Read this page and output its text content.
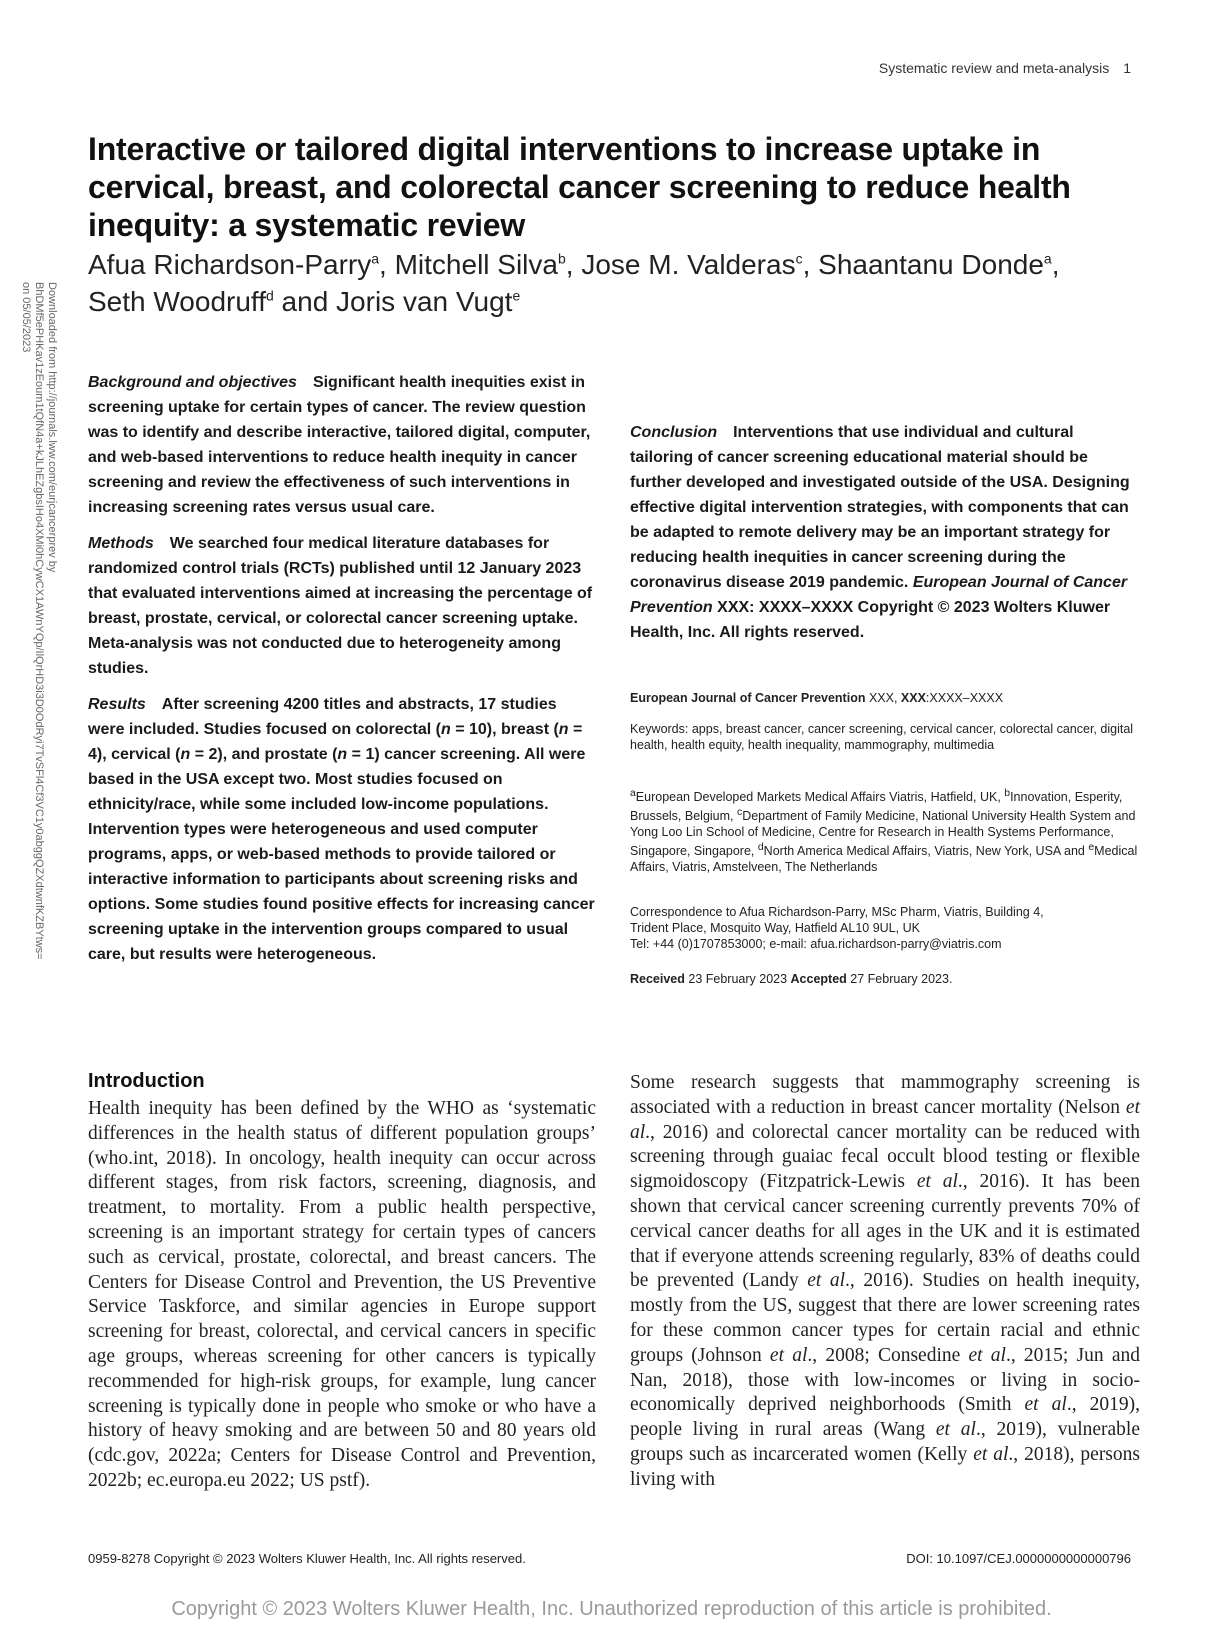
Systematic review and meta-analysis 1
Downloaded from http://journals.lww.com/eurjcancerprev by BhDMf5ePHKav1zEoum1tQfN4a+kJLhEZgbsIHo4XMi0hCywCX1AWnYQp/IlQrHD3i3D0OdRyi7TvSFl4Cf3VC1y0abggQZXdtwnfKZBYtws= on 05/05/2023
Interactive or tailored digital interventions to increase uptake in cervical, breast, and colorectal cancer screening to reduce health inequity: a systematic review
Afua Richardson-Parry$^a$, Mitchell Silva$^b$, Jose M. Valderas$^c$, Shaantanu Donde$^a$,
Seth Woodruff$^d$ and Joris van Vugt$^e$

Background and objectives Significant health inequities exist in screening uptake for certain types of cancer. The review question was to identify and describe interactive, tailored digital, computer, and web-based interventions to reduce health inequity in cancer screening and review the effectiveness of such interventions in increasing screening rates versus usual care.

Methods We searched four medical literature databases for randomized control trials (RCTs) published until 12 January 2023 that evaluated interventions aimed at increasing the percentage of breast, prostate, cervical, or colorectal cancer screening uptake. Meta-analysis was not conducted due to heterogeneity among studies.

Results After screening 4200 titles and abstracts, 17 studies were included. Studies focused on colorectal (n = 10), breast (n = 4), cervical (n = 2), and prostate (n = 1) cancer screening. All were based in the USA except two. Most studies focused on ethnicity/race, while some included low-income populations. Intervention types were heterogeneous and used computer programs, apps, or web-based methods to provide tailored or interactive information to participants about screening risks and options. Some studies found positive effects for increasing cancer screening uptake in the intervention groups compared to usual care, but results were heterogeneous.

Conclusion Interventions that use individual and cultural tailoring of cancer screening educational material should be further developed and investigated outside of the USA. Designing effective digital intervention strategies, with components that can be adapted to remote delivery may be an important strategy for reducing health inequities in cancer screening during the coronavirus disease 2019 pandemic. European Journal of Cancer Prevention XXX: XXXX–XXXX Copyright © 2023 Wolters Kluwer Health, Inc. All rights reserved.

European Journal of Cancer Prevention XXX, XXX:XXXX–XXXX
Keywords: apps, breast cancer, cancer screening, cervical cancer, colorectal cancer, digital health, health equity, health inequality, mammography, multimedia
$^a$European Developed Markets Medical Affairs Viatris, Hatfield, UK, $^b$Innovation, Esperity, Brussels, Belgium, $^c$Department of Family Medicine, National University Health System and Yong Loo Lin School of Medicine, Centre for Research in Health Systems Performance, Singapore, Singapore, $^d$North America Medical Affairs, Viatris, New York, USA and $^e$Medical Affairs, Viatris, Amstelveen, The Netherlands
Correspondence to Afua Richardson-Parry, MSc Pharm, Viatris, Building 4,
Trident Place, Mosquito Way, Hatfield AL10 9UL, UK
Tel: +44 (0)1707853000; e-mail: afua.richardson-parry@viatris.com
Received 23 February 2023 Accepted 27 February 2023.
Introduction

Health inequity has been defined by the WHO as ‘systematic differences in the health status of different population groups’ (who.int, 2018). In oncology, health inequity can occur across different stages, from risk factors, screening, diagnosis, and treatment, to mortality. From a public health perspective, screening is an important strategy for certain types of cancers such as cervical, prostate, colorectal, and breast cancers. The Centers for Disease Control and Prevention, the US Preventive Service Taskforce, and similar agencies in Europe support screening for breast, colorectal, and cervical cancers in specific age groups, whereas screening for other cancers is typically recommended for high-risk groups, for example, lung cancer screening is typically done in people who smoke or who have a history of heavy smoking and are between 50 and 80 years old (cdc.gov, 2022a; Centers for Disease Control and Prevention, 2022b; ec.europa.eu 2022; US pstf).

Some research suggests that mammography screening is associated with a reduction in breast cancer mortality (Nelson et al., 2016) and colorectal cancer mortality can be reduced with screening through guaiac fecal occult blood testing or flexible sigmoidoscopy (Fitzpatrick-Lewis et al., 2016). It has been shown that cervical cancer screening currently prevents 70% of cervical cancer deaths for all ages in the UK and it is estimated that if everyone attends screening regularly, 83% of deaths could be prevented (Landy et al., 2016). Studies on health inequity, mostly from the US, suggest that there are lower screening rates for these common cancer types for certain racial and ethnic groups (Johnson et al., 2008; Consedine et al., 2015; Jun and Nan, 2018), those with low-incomes or living in socio-economically deprived neighborhoods (Smith et al., 2019), people living in rural areas (Wang et al., 2019), vulnerable groups such as incarcerated women (Kelly et al., 2018), persons living with

0959-8278 Copyright © 2023 Wolters Kluwer Health, Inc. All rights reserved.	DOI: 10.1097/CEJ.0000000000000796
Copyright © 2023 Wolters Kluwer Health, Inc. Unauthorized reproduction of this article is prohibited.
